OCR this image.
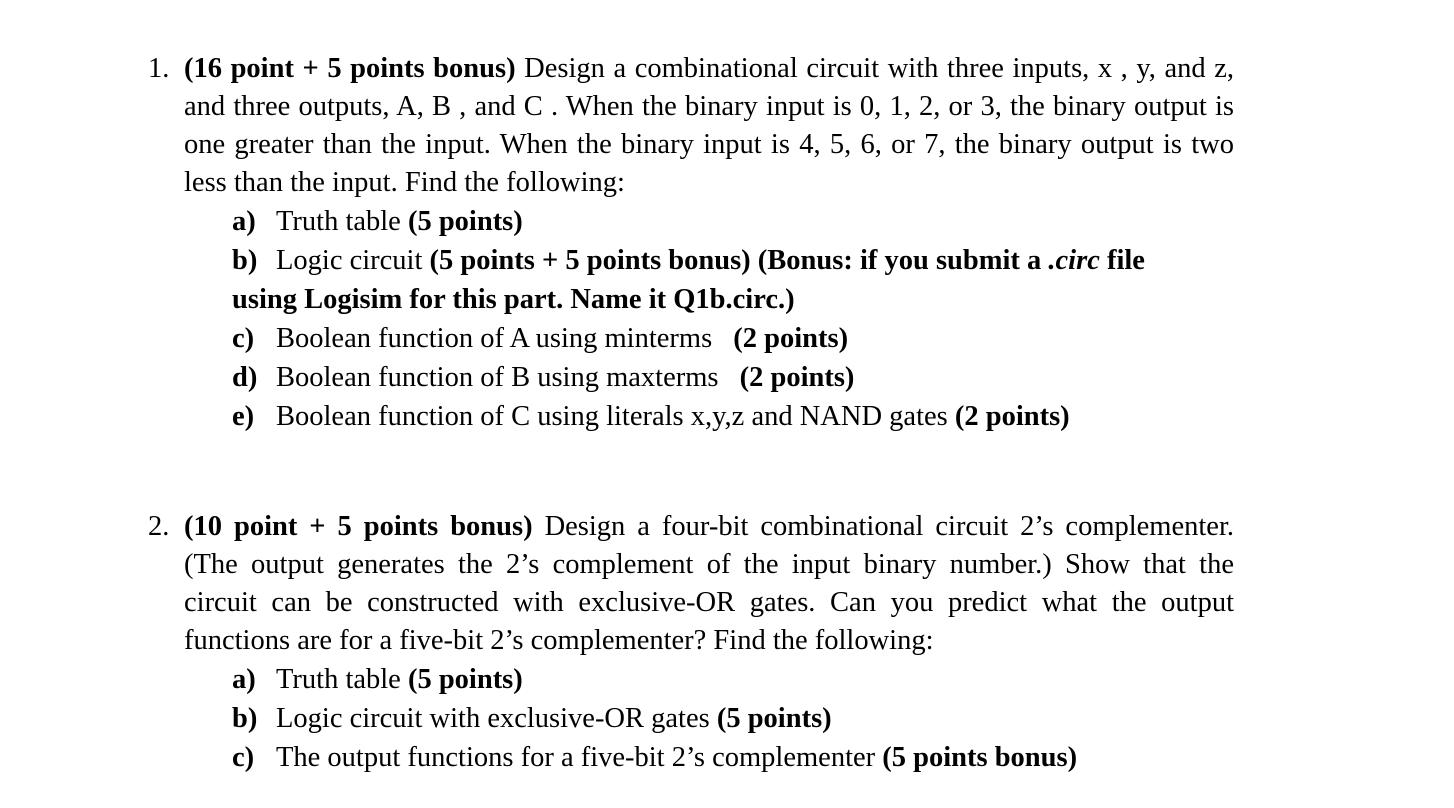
1. (16 point + 5 points bonus) Design a combinational circuit with three inputs, x , y, and z, and three outputs, A, B , and C . When the binary input is 0, 1, 2, or 3, the binary output is one greater than the input. When the binary input is 4, 5, 6, or 7, the binary output is two less than the input. Find the following:
a) Truth table (5 points)
b) Logic circuit (5 points + 5 points bonus) (Bonus: if you submit a .circ file
using Logisim for this part. Name it Q1b.circ.)
c) Boolean function of A using minterms (2 points)
d) Boolean function of B using maxterms (2 points)
e) Boolean function of C using literals x,y,z and NAND gates (2 points)
2. (10 point + 5 points bonus) Design a four-bit combinational circuit 2’s complementer. (The output generates the 2’s complement of the input binary number.) Show that the circuit can be constructed with exclusive-OR gates. Can you predict what the output functions are for a five-bit 2’s complementer? Find the following:
a) Truth table (5 points)
b) Logic circuit with exclusive-OR gates (5 points)
c) The output functions for a five-bit 2’s complementer (5 points bonus)
